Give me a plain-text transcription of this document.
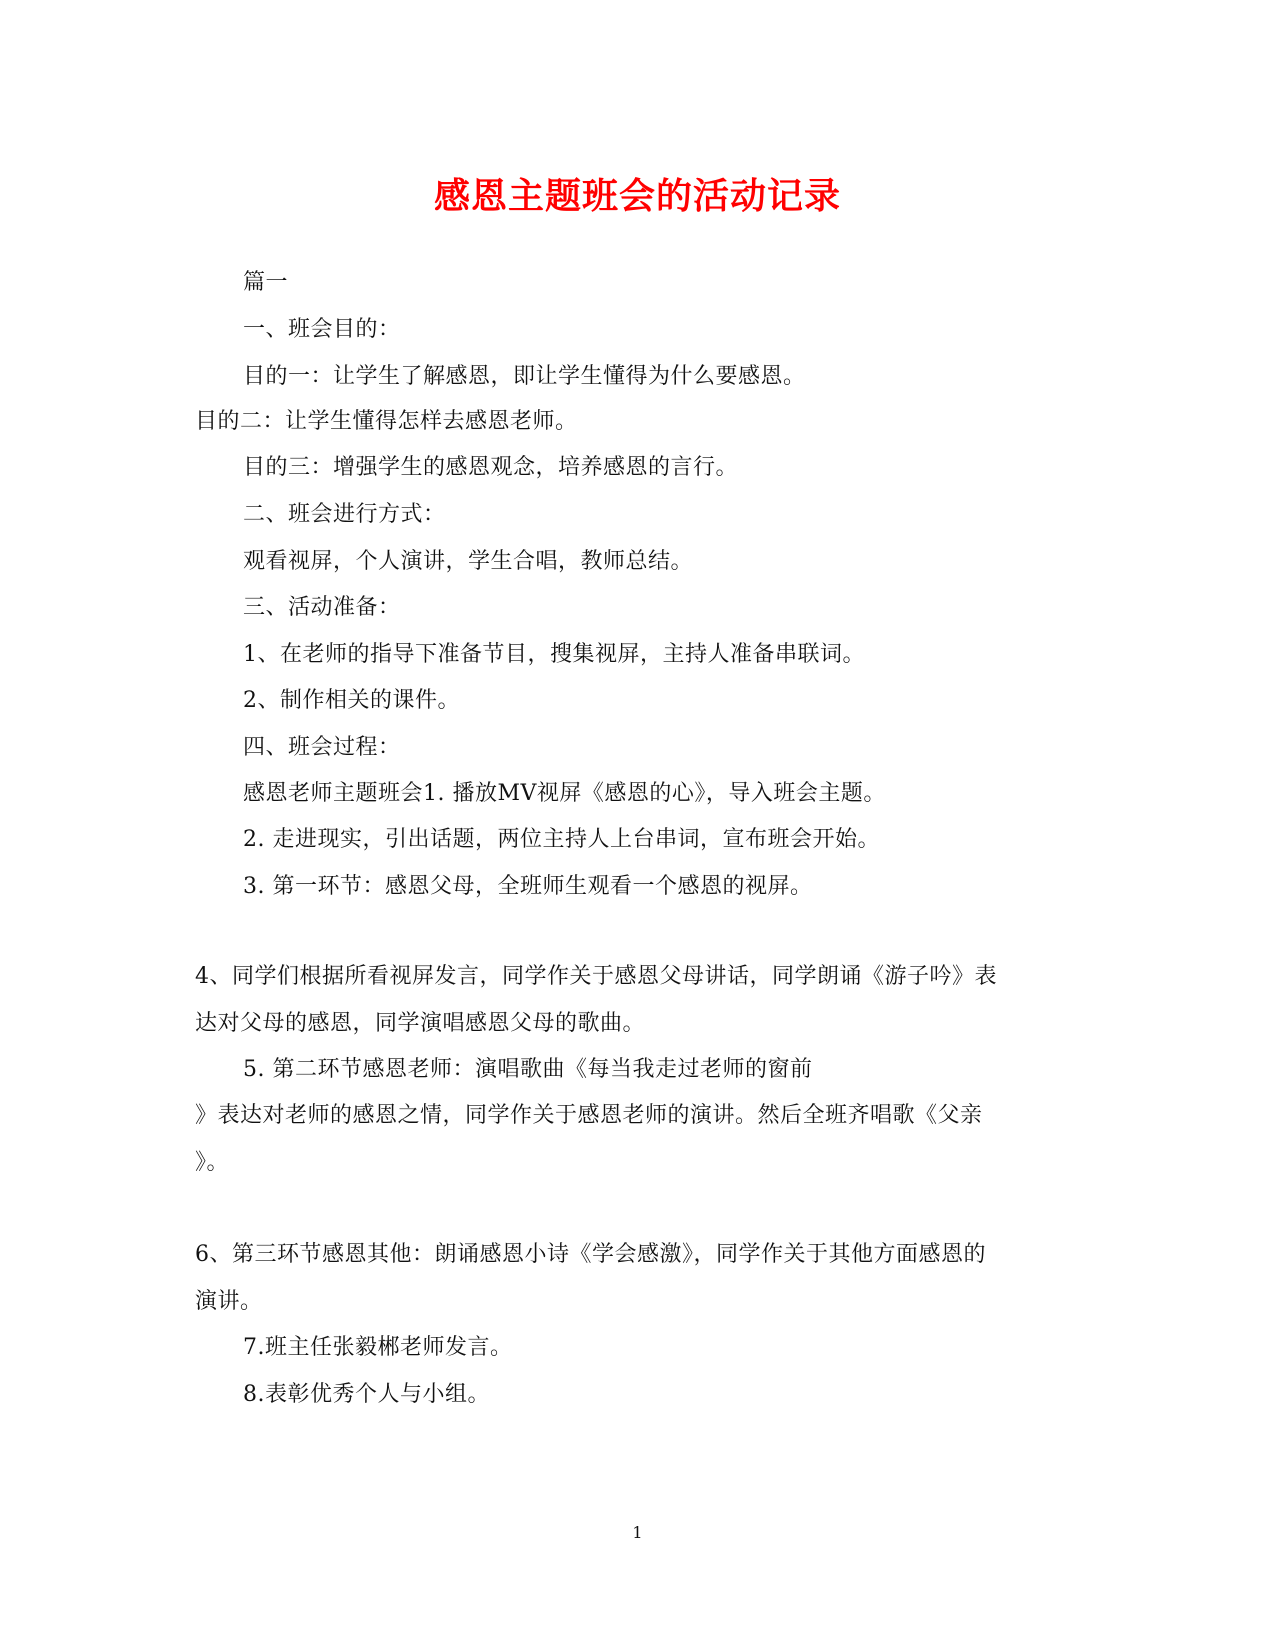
感恩主题班会的活动记录
篇一
一、班会目的：
目的一：让学生了解感恩，即让学生懂得为什么要感恩。
目的二：让学生懂得怎样去感恩老师。
目的三：增强学生的感恩观念，培养感恩的言行。
二、班会进行方式：
观看视屏，个人演讲，学生合唱，教师总结。
三、活动准备：
1、在老师的指导下准备节目，搜集视屏，主持人准备串联词。
2、制作相关的课件。
四、班会过程：
感恩老师主题班会1. 播放MV视屏《感恩的心》，导入班会主题。
2. 走进现实，引出话题，两位主持人上台串词，宣布班会开始。
3. 第一环节：感恩父母，全班师生观看一个感恩的视屏。
4、同学们根据所看视屏发言，同学作关于感恩父母讲话，同学朗诵《游子吟》表
达对父母的感恩，同学演唱感恩父母的歌曲。
5. 第二环节感恩老师：演唱歌曲《每当我走过老师的窗前
》表达对老师的感恩之情，同学作关于感恩老师的演讲。然后全班齐唱歌《父亲
》。
6、第三环节感恩其他：朗诵感恩小诗《学会感激》，同学作关于其他方面感恩的
演讲。
7.班主任张毅郴老师发言。
8.表彰优秀个人与小组。
1
